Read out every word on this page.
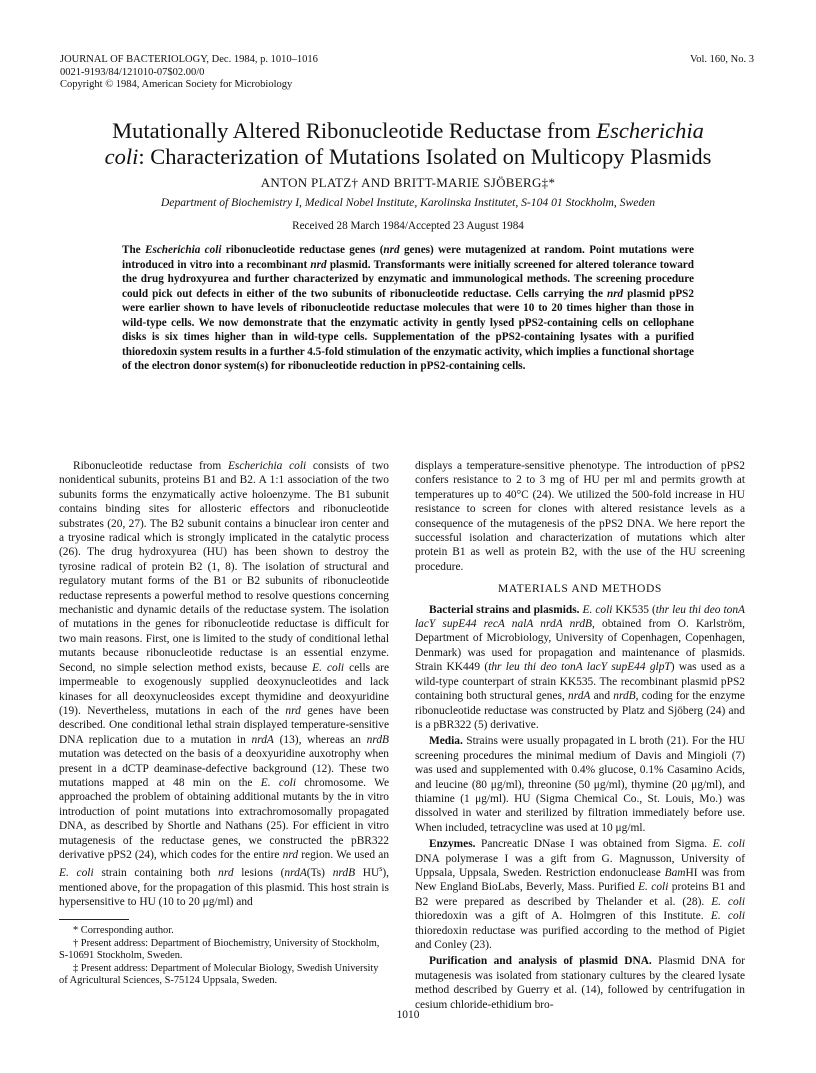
JOURNAL OF BACTERIOLOGY, Dec. 1984, p. 1010–1016
0021-9193/84/121010-07$02.00/0
Copyright © 1984, American Society for Microbiology
Vol. 160, No. 3
Mutationally Altered Ribonucleotide Reductase from Escherichia
coli: Characterization of Mutations Isolated on Multicopy Plasmids
ANTON PLATZ† AND BRITT-MARIE SJÖBERG‡*
Department of Biochemistry I, Medical Nobel Institute, Karolinska Institutet, S-104 01 Stockholm, Sweden
Received 28 March 1984/Accepted 23 August 1984
The Escherichia coli ribonucleotide reductase genes (nrd genes) were mutagenized at random. Point mutations were introduced in vitro into a recombinant nrd plasmid. Transformants were initially screened for altered tolerance toward the drug hydroxyurea and further characterized by enzymatic and immunological methods. The screening procedure could pick out defects in either of the two subunits of ribonucleotide reductase. Cells carrying the nrd plasmid pPS2 were earlier shown to have levels of ribonucleotide reductase molecules that were 10 to 20 times higher than those in wild-type cells. We now demonstrate that the enzymatic activity in gently lysed pPS2-containing cells on cellophane disks is six times higher than in wild-type cells. Supplementation of the pPS2-containing lysates with a purified thioredoxin system results in a further 4.5-fold stimulation of the enzymatic activity, which implies a functional shortage of the electron donor system(s) for ribonucleotide reduction in pPS2-containing cells.

Ribonucleotide reductase from Escherichia coli consists of two nonidentical subunits, proteins B1 and B2. A 1:1 association of the two subunits forms the enzymatically active holoenzyme. The B1 subunit contains binding sites for allosteric effectors and ribonucleotide substrates (20, 27). The B2 subunit contains a binuclear iron center and a tryosine radical which is strongly implicated in the catalytic process (26). The drug hydroxyurea (HU) has been shown to destroy the tyrosine radical of protein B2 (1, 8). The isolation of structural and regulatory mutant forms of the B1 or B2 subunits of ribonucleotide reductase represents a powerful method to resolve questions concerning mechanistic and dynamic details of the reductase system. The isolation of mutations in the genes for ribonucleotide reductase is difficult for two main reasons. First, one is limited to the study of conditional lethal mutants because ribonucleotide reductase is an essential enzyme. Second, no simple selection method exists, because E. coli cells are impermeable to exogenously supplied deoxynucleotides and lack kinases for all deoxynucleosides except thymidine and deoxyuridine (19). Nevertheless, mutations in each of the nrd genes have been described. One conditional lethal strain displayed temperature-sensitive DNA replication due to a mutation in nrdA (13), whereas an nrdB mutation was detected on the basis of a deoxyuridine auxotrophy when present in a dCTP deaminase-defective background (12). These two mutations mapped at 48 min on the E. coli chromosome. We approached the problem of obtaining additional mutants by the in vitro introduction of point mutations into extrachromosomally propagated DNA, as described by Shortle and Nathans (25). For efficient in vitro mutagenesis of the reductase genes, we constructed the pBR322 derivative pPS2 (24), which codes for the entire nrd region. We used an E. coli strain containing both nrd lesions (nrdA(Ts) nrdB $HU^s$), mentioned above, for the propagation of this plasmid. This host strain is hypersensitive to HU (10 to 20 μg/ml) and

displays a temperature-sensitive phenotype. The introduction of pPS2 confers resistance to 2 to 3 mg of HU per ml and permits growth at temperatures up to 40°C (24). We utilized the 500-fold increase in HU resistance to screen for clones with altered resistance levels as a consequence of the mutagenesis of the pPS2 DNA. We here report the successful isolation and characterization of mutations which alter protein B1 as well as protein B2, with the use of the HU screening procedure.

MATERIALS AND METHODS

Bacterial strains and plasmids. E. coli KK535 (thr leu thi deo tonA lacY supE44 recA nalA nrdA nrdB, obtained from O. Karlström, Department of Microbiology, University of Copenhagen, Copenhagen, Denmark) was used for propagation and maintenance of plasmids. Strain KK449 (thr leu thi deo tonA lacY supE44 glpT) was used as a wild-type counterpart of strain KK535. The recombinant plasmid pPS2 containing both structural genes, nrdA and nrdB, coding for the enzyme ribonucleotide reductase was constructed by Platz and Sjöberg (24) and is a pBR322 (5) derivative.

Media. Strains were usually propagated in L broth (21). For the HU screening procedures the minimal medium of Davis and Mingioli (7) was used and supplemented with 0.4% glucose, 0.1% Casamino Acids, and leucine (80 μg/ml), threonine (50 μg/ml), thymine (20 μg/ml), and thiamine (1 μg/ml). HU (Sigma Chemical Co., St. Louis, Mo.) was dissolved in water and sterilized by filtration immediately before use. When included, tetracycline was used at 10 μg/ml.

Enzymes. Pancreatic DNase I was obtained from Sigma. E. coli DNA polymerase I was a gift from G. Magnusson, University of Uppsala, Uppsala, Sweden. Restriction endonuclease BamHI was from New England BioLabs, Beverly, Mass. Purified E. coli proteins B1 and B2 were prepared as described by Thelander et al. (28). E. coli thioredoxin was a gift of A. Holmgren of this Institute. E. coli thioredoxin reductase was purified according to the method of Pigiet and Conley (23).

Purification and analysis of plasmid DNA. Plasmid DNA for mutagenesis was isolated from stationary cultures by the cleared lysate method described by Guerry et al. (14), followed by centrifugation in cesium chloride-ethidium bro-

* Corresponding author.
† Present address: Department of Biochemistry, University of Stockholm, S-10691 Stockholm, Sweden.
‡ Present address: Department of Molecular Biology, Swedish University of Agricultural Sciences, S-75124 Uppsala, Sweden.
1010
